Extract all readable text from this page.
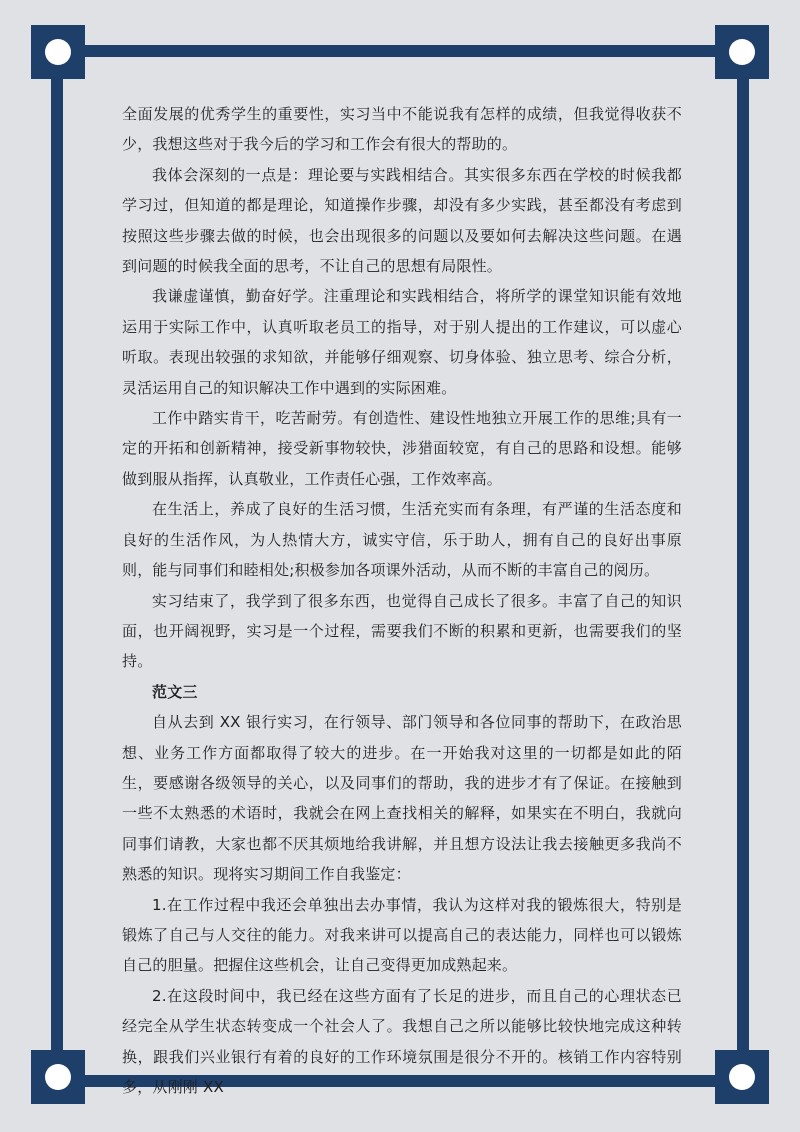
全面发展的优秀学生的重要性，实习当中不能说我有怎样的成绩，但我觉得收获不少，我想这些对于我今后的学习和工作会有很大的帮助的。

我体会深刻的一点是：理论要与实践相结合。其实很多东西在学校的时候我都学习过，但知道的都是理论，知道操作步骤，却没有多少实践，甚至都没有考虑到按照这些步骤去做的时候，也会出现很多的问题以及要如何去解决这些问题。在遇到问题的时候我全面的思考，不让自己的思想有局限性。

我谦虚谨慎，勤奋好学。注重理论和实践相结合，将所学的课堂知识能有效地运用于实际工作中，认真听取老员工的指导，对于别人提出的工作建议，可以虚心听取。表现出较强的求知欲，并能够仔细观察、切身体验、独立思考、综合分析，灵活运用自己的知识解决工作中遇到的实际困难。

工作中踏实肯干，吃苦耐劳。有创造性、建设性地独立开展工作的思维;具有一定的开拓和创新精神，接受新事物较快，涉猎面较宽，有自己的思路和设想。能够做到服从指挥，认真敬业，工作责任心强，工作效率高。

在生活上，养成了良好的生活习惯，生活充实而有条理，有严谨的生活态度和良好的生活作风，为人热情大方，诚实守信，乐于助人，拥有自己的良好出事原则，能与同事们和睦相处;积极参加各项课外活动，从而不断的丰富自己的阅历。

实习结束了，我学到了很多东西，也觉得自己成长了很多。丰富了自己的知识面，也开阔视野，实习是一个过程，需要我们不断的积累和更新，也需要我们的坚持。

范文三

自从去到 XX 银行实习，在行领导、部门领导和各位同事的帮助下，在政治思想、业务工作方面都取得了较大的进步。在一开始我对这里的一切都是如此的陌生，要感谢各级领导的关心，以及同事们的帮助，我的进步才有了保证。在接触到一些不太熟悉的术语时，我就会在网上查找相关的解释，如果实在不明白，我就向同事们请教，大家也都不厌其烦地给我讲解，并且想方设法让我去接触更多我尚不熟悉的知识。现将实习期间工作自我鉴定：

1.在工作过程中我还会单独出去办事情，我认为这样对我的锻炼很大，特别是锻炼了自己与人交往的能力。对我来讲可以提高自己的表达能力，同样也可以锻炼自己的胆量。把握住这些机会，让自己变得更加成熟起来。

2.在这段时间中，我已经在这些方面有了长足的进步，而且自己的心理状态已经完全从学生状态转变成一个社会人了。我想自己之所以能够比较快地完成这种转换，跟我们兴业银行有着的良好的工作环境氛围是很分不开的。核销工作内容特别多，从刚刚 XX
